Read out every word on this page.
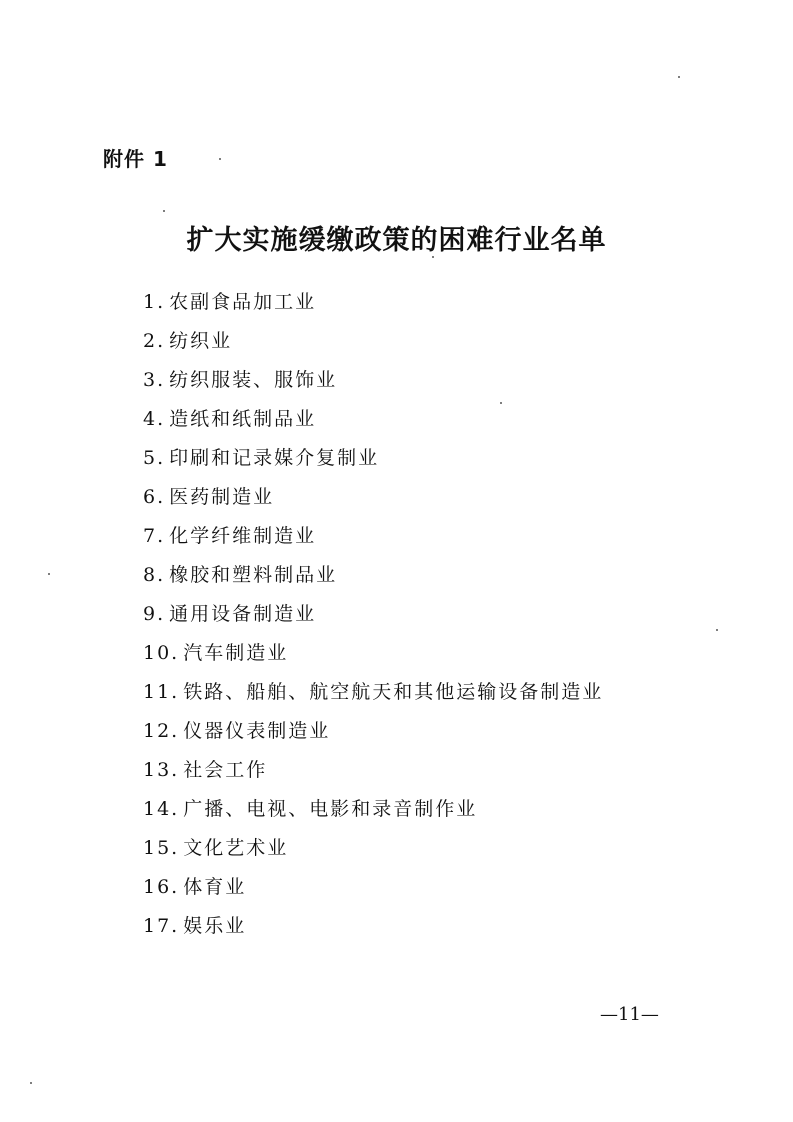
附件 1
扩大实施缓缴政策的困难行业名单
1. 农副食品加工业
2. 纺织业
3. 纺织服装、服饰业
4. 造纸和纸制品业
5. 印刷和记录媒介复制业
6. 医药制造业
7. 化学纤维制造业
8. 橡胶和塑料制品业
9. 通用设备制造业
10. 汽车制造业
11. 铁路、船舶、航空航天和其他运输设备制造业
12. 仪器仪表制造业
13. 社会工作
14. 广播、电视、电影和录音制作业
15. 文化艺术业
16. 体育业
17. 娱乐业
—11—
